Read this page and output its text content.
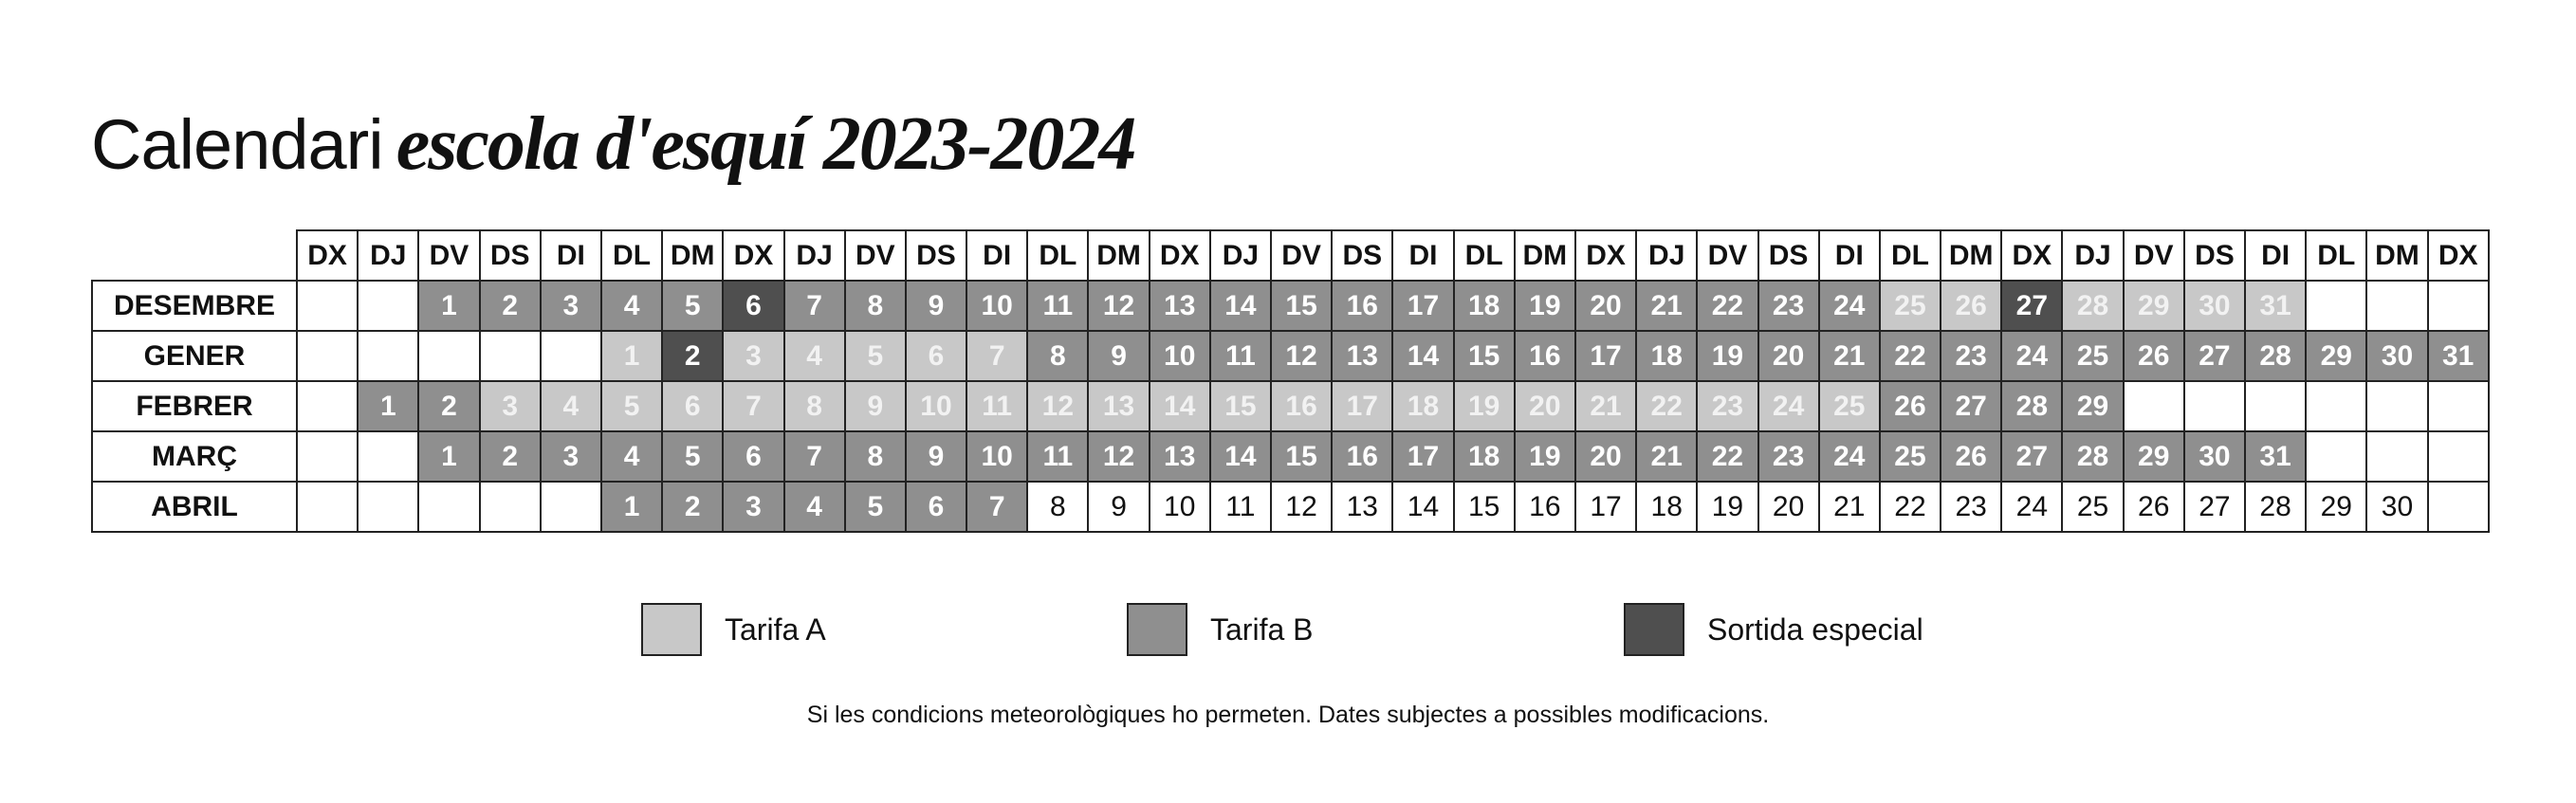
Calendari escola d'esquí 2023-2024
	DX	DJ	DV	DS	DI	DL	DM	DX	DJ	DV	DS	DI	DL	DM	DX	DJ	DV	DS	DI	DL	DM	DX	DJ	DV	DS	DI	DL	DM	DX	DJ	DV	DS	DI	DL	DM	DX
DESEMBRE			1	2	3	4	5	6	7	8	9	10	11	12	13	14	15	16	17	18	19	20	21	22	23	24	25	26	27	28	29	30	31			
GENER						1	2	3	4	5	6	7	8	9	10	11	12	13	14	15	16	17	18	19	20	21	22	23	24	25	26	27	28	29	30	31
FEBRER		1	2	3	4	5	6	7	8	9	10	11	12	13	14	15	16	17	18	19	20	21	22	23	24	25	26	27	28	29						
MARÇ			1	2	3	4	5	6	7	8	9	10	11	12	13	14	15	16	17	18	19	20	21	22	23	24	25	26	27	28	29	30	31			
ABRIL						1	2	3	4	5	6	7	8	9	10	11	12	13	14	15	16	17	18	19	20	21	22	23	24	25	26	27	28	29	30	
Tarifa A	Tarifa B	Sortida especial
Si les condicions meteorològiques ho permeten. Dates subjectes a possibles modificacions.
